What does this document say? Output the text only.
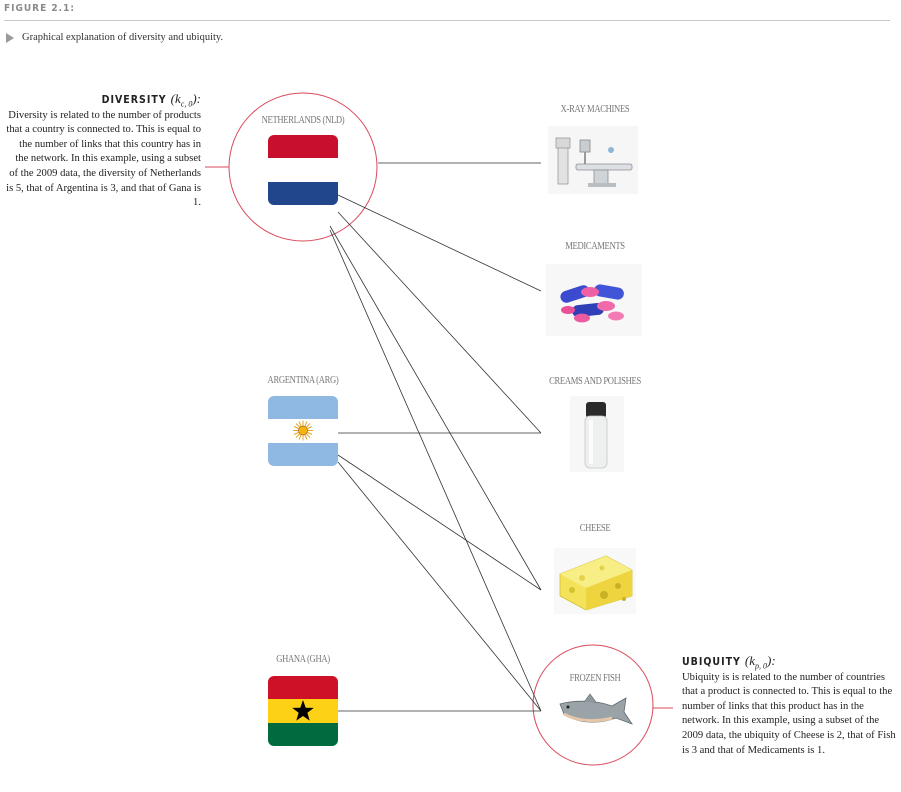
FIGURE 2.1:
Graphical explanation of diversity and ubiquity.
NETHERLANDS (NLD)
ARGENTINA (ARG)
GHANA (GHA)
X-RAY MACHINES
MEDICAMENTS
CREAMS AND POLISHES
CHEESE
FROZEN FISH
DIVERSITY $(k_{c, 0})$:
Diversity is related to the number of products that a country is connected to. This is equal to the number of links that this country has in the network. In this example, using a subset of the 2009 data, the diversity of Netherlands is 5, that of Argentina is 3, and that of Gana is 1.
UBIQUITY $(k_{p, 0})$:
Ubiquity is is related to the number of countries that a product is connected to. This is equal to the number of links that this product has in the network. In this example, using a subset of the 2009 data, the ubiquity of Cheese is 2, that of Fish is 3 and that of Medicaments is 1.
